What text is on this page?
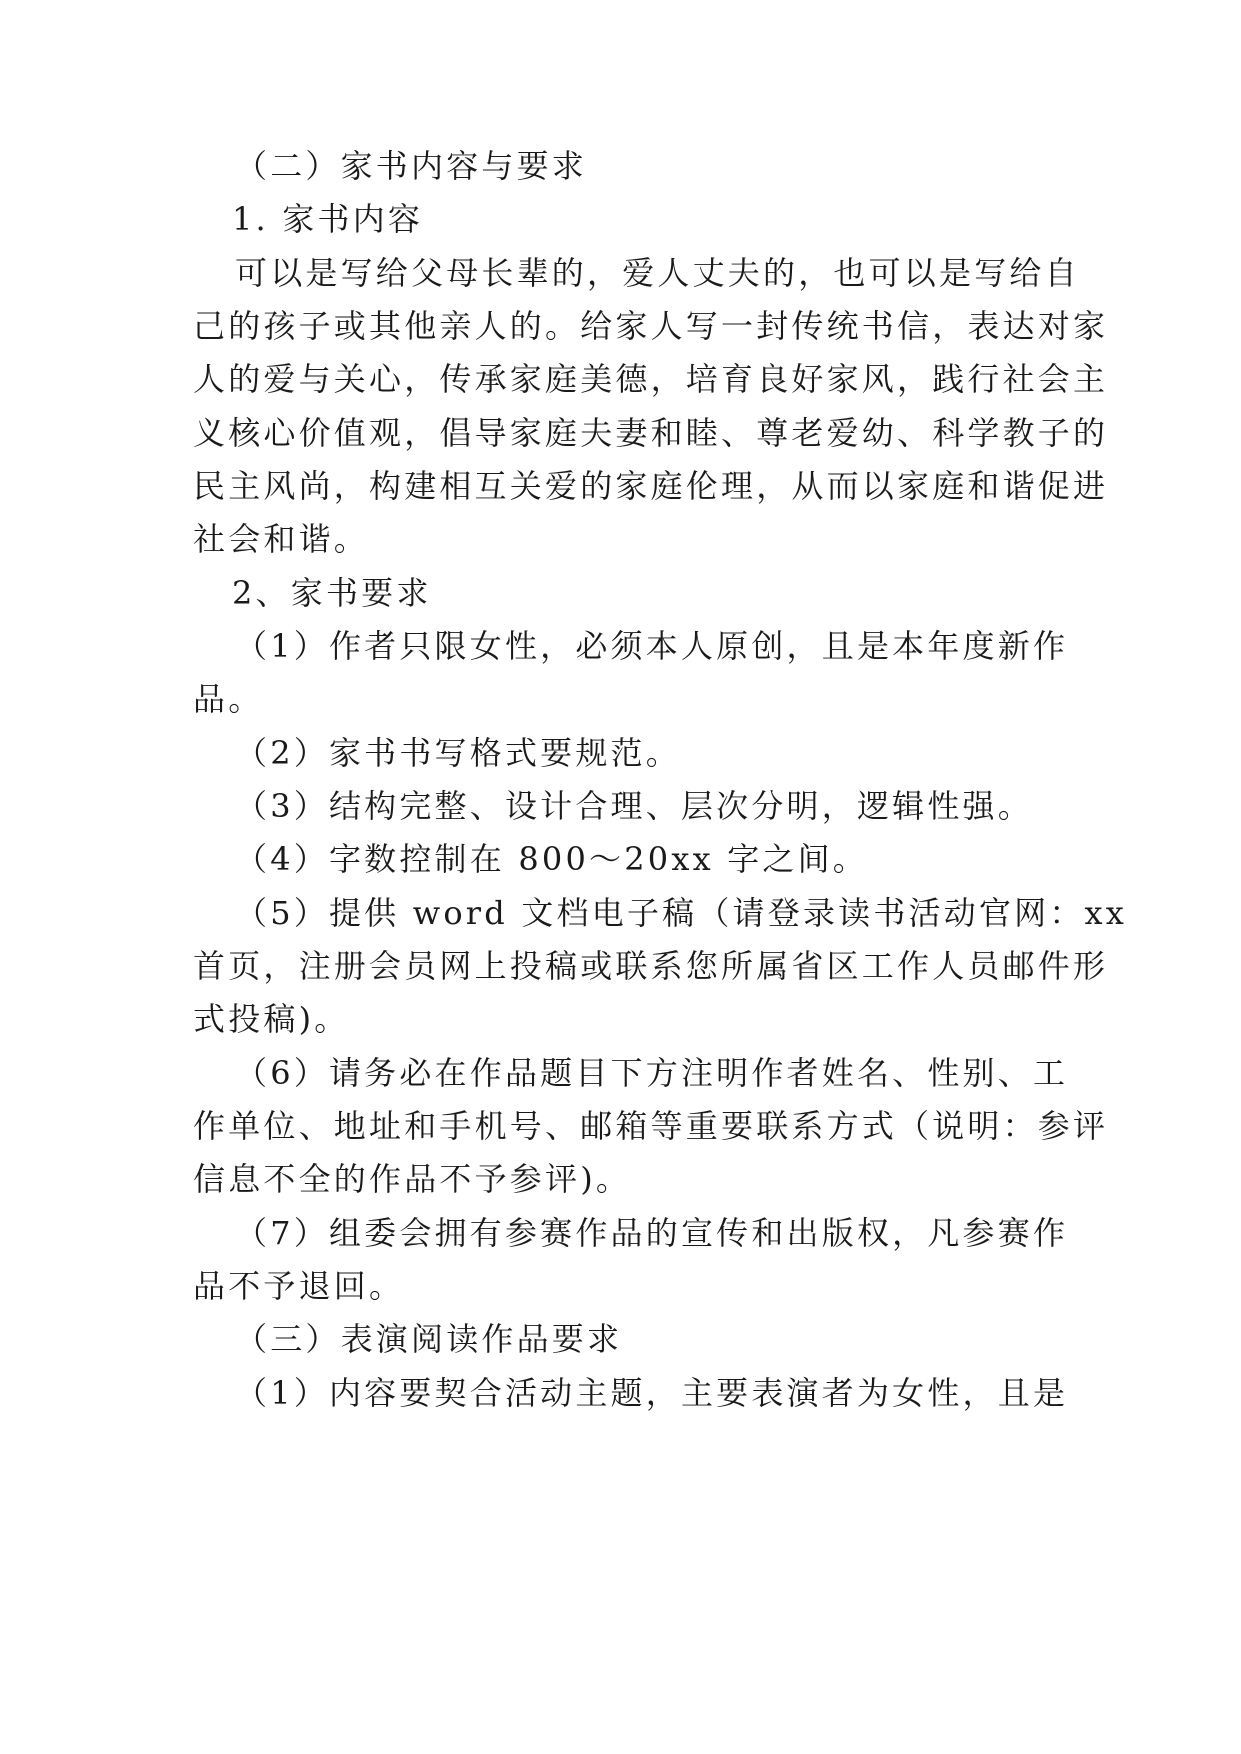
（二）家书内容与要求
1. 家书内容
可以是写给父母长辈的，爱人丈夫的，也可以是写给自
己的孩子或其他亲人的。给家人写一封传统书信，表达对家
人的爱与关心，传承家庭美德，培育良好家风，践行社会主
义核心价值观，倡导家庭夫妻和睦、尊老爱幼、科学教子的
民主风尚，构建相互关爱的家庭伦理，从而以家庭和谐促进
社会和谐。
2、家书要求
（1）作者只限女性，必须本人原创，且是本年度新作
品。
（2）家书书写格式要规范。
（3）结构完整、设计合理、层次分明，逻辑性强。
（4）字数控制在 800～20xx 字之间。
（5）提供 word 文档电子稿（请登录读书活动官网：xx
首页，注册会员网上投稿或联系您所属省区工作人员邮件形
式投稿)。
（6）请务必在作品题目下方注明作者姓名、性别、工
作单位、地址和手机号、邮箱等重要联系方式（说明：参评
信息不全的作品不予参评)。
（7）组委会拥有参赛作品的宣传和出版权，凡参赛作
品不予退回。
（三）表演阅读作品要求
（1）内容要契合活动主题，主要表演者为女性，且是
